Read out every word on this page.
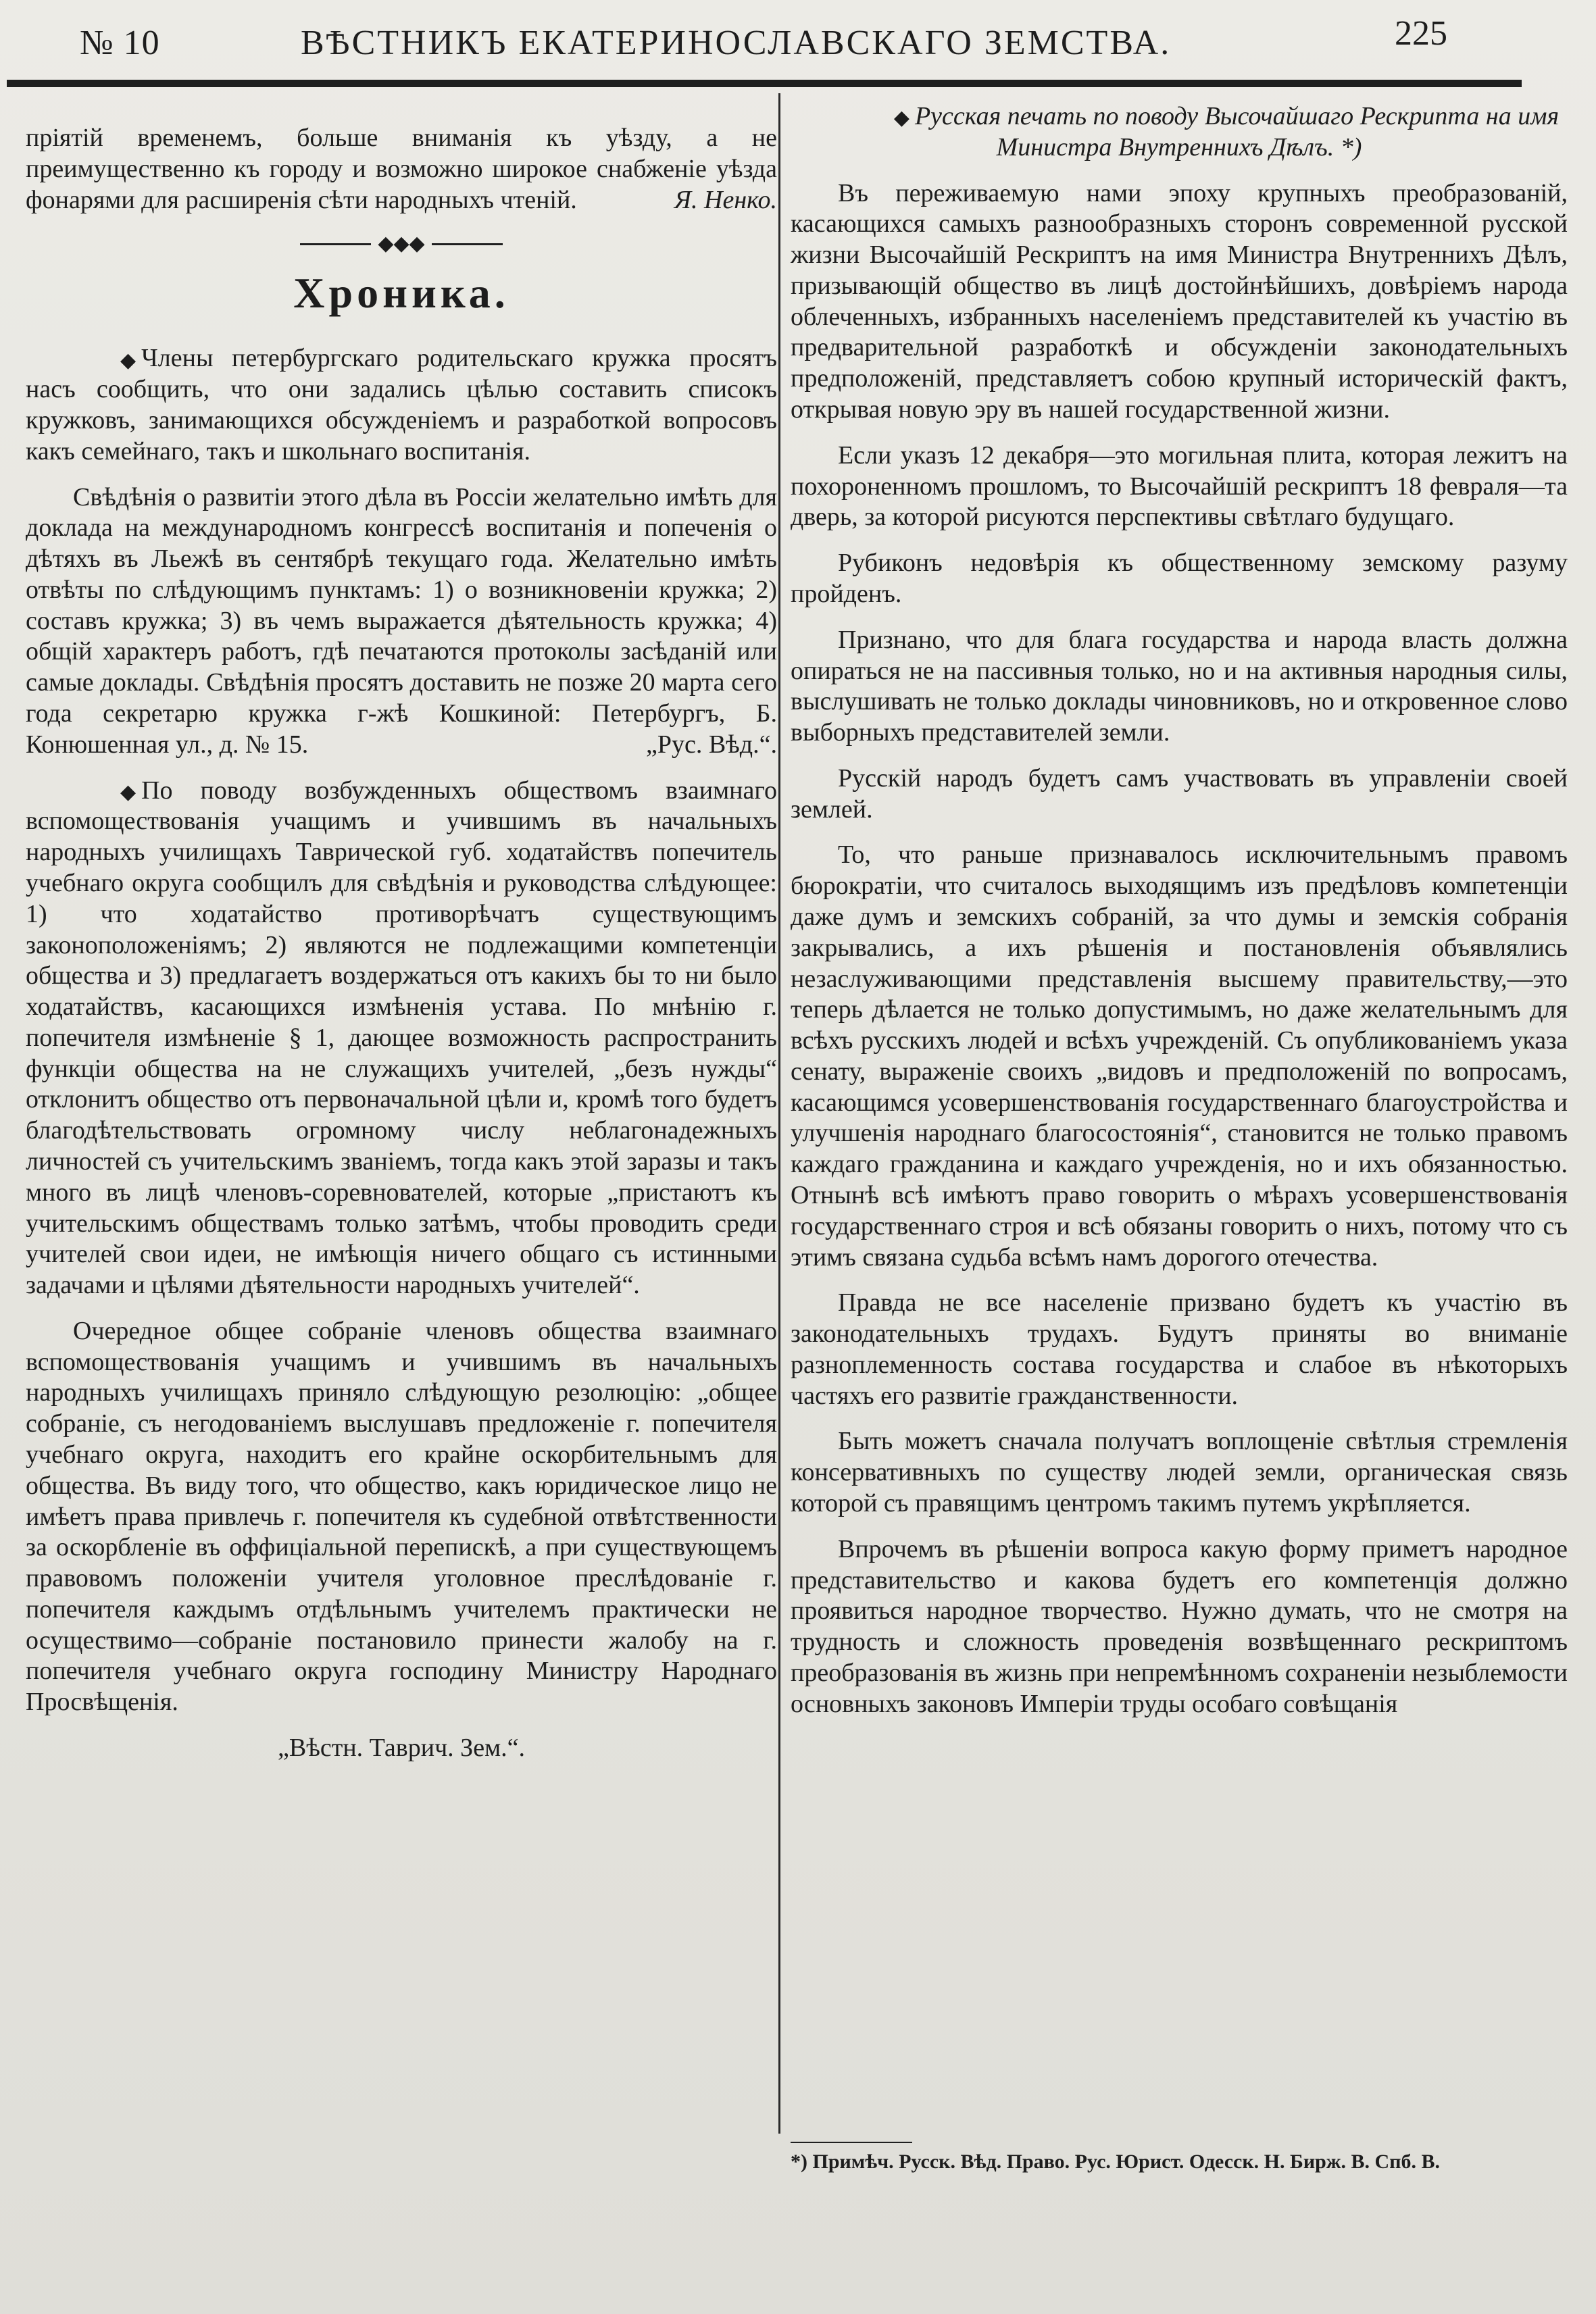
№ 10	ВѢСТНИКЪ ЕКАТЕРИНОСЛАВСКАГО ЗЕМСТВА.	225

пріятій временемъ, больше вниманія къ уѣзду, а не преимущественно къ городу и возможно широкое снабженіе уѣзда фонарями для расширенія сѣти народныхъ чтеній.	Я. Ненко.

◆◆◆
Хроника.

◆ Члены петербургскаго родительскаго кружка просятъ насъ сообщить, что они задались цѣлью составить списокъ кружковъ, занимающихся обсужденіемъ и разработкой вопросовъ какъ семейнаго, такъ и школьнаго воспитанія.

Свѣдѣнія о развитіи этого дѣла въ Россіи желательно имѣть для доклада на международномъ конгрессѣ воспитанія и попеченія о дѣтяхъ въ Льежѣ въ сентябрѣ текущаго года. Желательно имѣть отвѣты по слѣдующимъ пунктамъ: 1) о возникновеніи кружка; 2) составъ кружка; 3) въ чемъ выражается дѣятельность кружка; 4) общій характеръ работъ, гдѣ печатаются протоколы засѣданій или самые доклады. Свѣдѣнія просятъ доставить не позже 20 марта сего года секретарю кружка г-жѣ Кошкиной: Петербургъ, Б. Конюшенная ул., д. № 15.	„Рус. Вѣд.“.

◆ По поводу возбужденныхъ обществомъ взаимнаго вспомоществованія учащимъ и учившимъ въ начальныхъ народныхъ училищахъ Таврической губ. ходатайствъ попечитель учебнаго округа сообщилъ для свѣдѣнія и руководства слѣдующее: 1) что ходатайство противорѣчатъ существующимъ законоположеніямъ; 2) являются не подлежащими компетенціи общества и 3) предлагаетъ воздержаться отъ какихъ бы то ни было ходатайствъ, касающихся измѣненія устава. По мнѣнію г. попечителя измѣненіе § 1, дающее возможность распространить функціи общества на не служащихъ учителей, „безъ нужды“ отклонитъ общество отъ первоначальной цѣли и, кромѣ того будетъ благодѣтельствовать огромному числу неблагонадежныхъ личностей съ учительскимъ званіемъ, тогда какъ этой заразы и такъ много въ лицѣ членовъ-соревнователей, которые „пристаютъ къ учительскимъ обществамъ только затѣмъ, чтобы проводить среди учителей свои идеи, не имѣющія ничего общаго съ истинными задачами и цѣлями дѣятельности народныхъ учителей“.

Очередное общее собраніе членовъ общества взаимнаго вспомоществованія учащимъ и учившимъ въ начальныхъ народныхъ училищахъ приняло слѣдующую резолюцію: „общее собраніе, съ негодованіемъ выслушавъ предложеніе г. попечителя учебнаго округа, находитъ его крайне оскорбительнымъ для общества. Въ виду того, что общество, какъ юридическое лицо не имѣетъ права привлечь г. попечителя къ судебной отвѣтственности за оскорбленіе въ оффиціальной перепискѣ, а при существующемъ правовомъ положеніи учителя уголовное преслѣдованіе г. попечителя каждымъ отдѣльнымъ учителемъ практически не осуществимо—собраніе постановило принести жалобу на г. попечителя учебнаго округа господину Министру Народнаго Просвѣщенія.

„Вѣстн. Таврич. Зем.“.

◆ Русская печать по поводу Высочайшаго Рескрипта на имя Министра Внутреннихъ Дѣлъ. *)

Въ переживаемую нами эпоху крупныхъ преобразованій, касающихся самыхъ разнообразныхъ сторонъ современной русской жизни Высочайшій Рескриптъ на имя Министра Внутреннихъ Дѣлъ, призывающій общество въ лицѣ достойнѣйшихъ, довѣріемъ народа облеченныхъ, избранныхъ населеніемъ представителей къ участію въ предварительной разработкѣ и обсужденіи законодательныхъ предположеній, представляетъ собою крупный историческій фактъ, открывая новую эру въ нашей государственной жизни.

Если указъ 12 декабря—это могильная плита, которая лежитъ на похороненномъ прошломъ, то Высочайшій рескриптъ 18 февраля—та дверь, за которой рисуются перспективы свѣтлаго будущаго.

Рубиконъ недовѣрія къ общественному земскому разуму пройденъ.

Признано, что для блага государства и народа власть должна опираться не на пассивныя только, но и на активныя народныя силы, выслушивать не только доклады чиновниковъ, но и откровенное слово выборныхъ представителей земли.

Русскій народъ будетъ самъ участвовать въ управленіи своей землей.

То, что раньше признавалось исключительнымъ правомъ бюрократіи, что считалось выходящимъ изъ предѣловъ компетенціи даже думъ и земскихъ собраній, за что думы и земскія собранія закрывались, а ихъ рѣшенія и постановленія объявлялись незаслуживающими представленія высшему правительству,—это теперь дѣлается не только допустимымъ, но даже желательнымъ для всѣхъ русскихъ людей и всѣхъ учрежденій. Съ опубликованіемъ указа сенату, выраженіе своихъ „видовъ и предположеній по вопросамъ, касающимся усовершенствованія государственнаго благоустройства и улучшенія народнаго благосостоянія“, становится не только правомъ каждаго гражданина и каждаго учрежденія, но и ихъ обязанностью. Отнынѣ всѣ имѣютъ право говорить о мѣрахъ усовершенствованія государственнаго строя и всѣ обязаны говорить о нихъ, потому что съ этимъ связана судьба всѣмъ намъ дорогого отечества.

Правда не все населеніе призвано будетъ къ участію въ законодательныхъ трудахъ. Будутъ приняты во вниманіе разноплеменность состава государства и слабое въ нѣкоторыхъ частяхъ его развитіе гражданственности.

Быть можетъ сначала получатъ воплощеніе свѣтлыя стремленія консервативныхъ по существу людей земли, органическая связь которой съ правящимъ центромъ такимъ путемъ укрѣпляется.

Впрочемъ въ рѣшеніи вопроса какую форму приметъ народное представительство и какова будетъ его компетенція должно проявиться народное творчество. Нужно думать, что не смотря на трудность и сложность проведенія возвѣщеннаго рескриптомъ преобразованія въ жизнь при непремѣнномъ сохраненіи незыблемости основныхъ законовъ Имперіи труды особаго совѣщанія

*) Примѣч. Русск. Вѣд. Право. Рус. Юрист. Одесск. Н. Бирж. В. Спб. В.
